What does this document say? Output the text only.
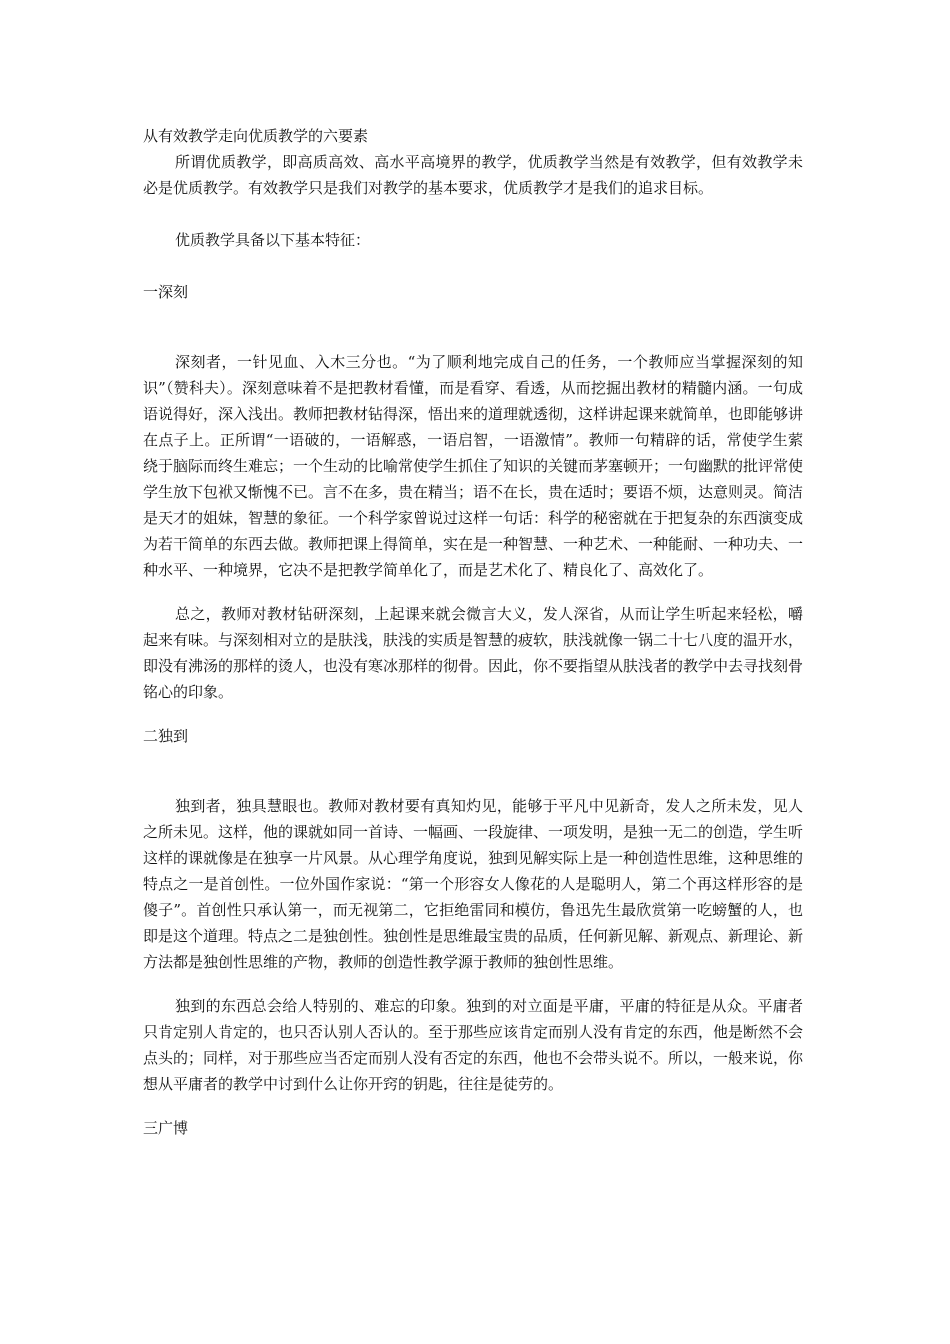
从有效教学走向优质教学的六要素

所谓优质教学，即高质高效、高水平高境界的教学，优质教学当然是有效教学，但有效教学未必是优质教学。有效教学只是我们对教学的基本要求，优质教学才是我们的追求目标。

优质教学具备以下基本特征：

一深刻

深刻者，一针见血、入木三分也。“为了顺利地完成自己的任务，一个教师应当掌握深刻的知识”（赞科夫）。深刻意味着不是把教材看懂，而是看穿、看透，从而挖掘出教材的精髓内涵。一句成语说得好，深入浅出。教师把教材钻得深，悟出来的道理就透彻，这样讲起课来就简单，也即能够讲在点子上。正所谓“一语破的，一语解惑，一语启智，一语激情”。教师一句精辟的话，常使学生萦绕于脑际而终生难忘；一个生动的比喻常使学生抓住了知识的关键而茅塞顿开；一句幽默的批评常使学生放下包袱又惭愧不已。言不在多，贵在精当；语不在长，贵在适时；要语不烦，达意则灵。简洁是天才的姐妹，智慧的象征。一个科学家曾说过这样一句话：科学的秘密就在于把复杂的东西演变成为若干简单的东西去做。教师把课上得简单，实在是一种智慧、一种艺术、一种能耐、一种功夫、一种水平、一种境界，它决不是把教学简单化了，而是艺术化了、精良化了、高效化了。

总之，教师对教材钻研深刻，上起课来就会微言大义，发人深省，从而让学生听起来轻松，嚼起来有味。与深刻相对立的是肤浅，肤浅的实质是智慧的疲软，肤浅就像一锅二十七八度的温开水，即没有沸汤的那样的烫人，也没有寒冰那样的彻骨。因此，你不要指望从肤浅者的教学中去寻找刻骨铭心的印象。

二独到

独到者，独具慧眼也。教师对教材要有真知灼见，能够于平凡中见新奇，发人之所未发，见人之所未见。这样，他的课就如同一首诗、一幅画、一段旋律、一项发明，是独一无二的创造，学生听这样的课就像是在独享一片风景。从心理学角度说，独到见解实际上是一种创造性思维，这种思维的特点之一是首创性。一位外国作家说：“第一个形容女人像花的人是聪明人，第二个再这样形容的是傻子”。首创性只承认第一，而无视第二，它拒绝雷同和模仿，鲁迅先生最欣赏第一吃螃蟹的人，也即是这个道理。特点之二是独创性。独创性是思维最宝贵的品质，任何新见解、新观点、新理论、新方法都是独创性思维的产物，教师的创造性教学源于教师的独创性思维。

独到的东西总会给人特别的、难忘的印象。独到的对立面是平庸，平庸的特征是从众。平庸者只肯定别人肯定的，也只否认别人否认的。至于那些应该肯定而别人没有肯定的东西，他是断然不会点头的；同样，对于那些应当否定而别人没有否定的东西，他也不会带头说不。所以，一般来说，你想从平庸者的教学中讨到什么让你开窍的钥匙，往往是徒劳的。

三广博
